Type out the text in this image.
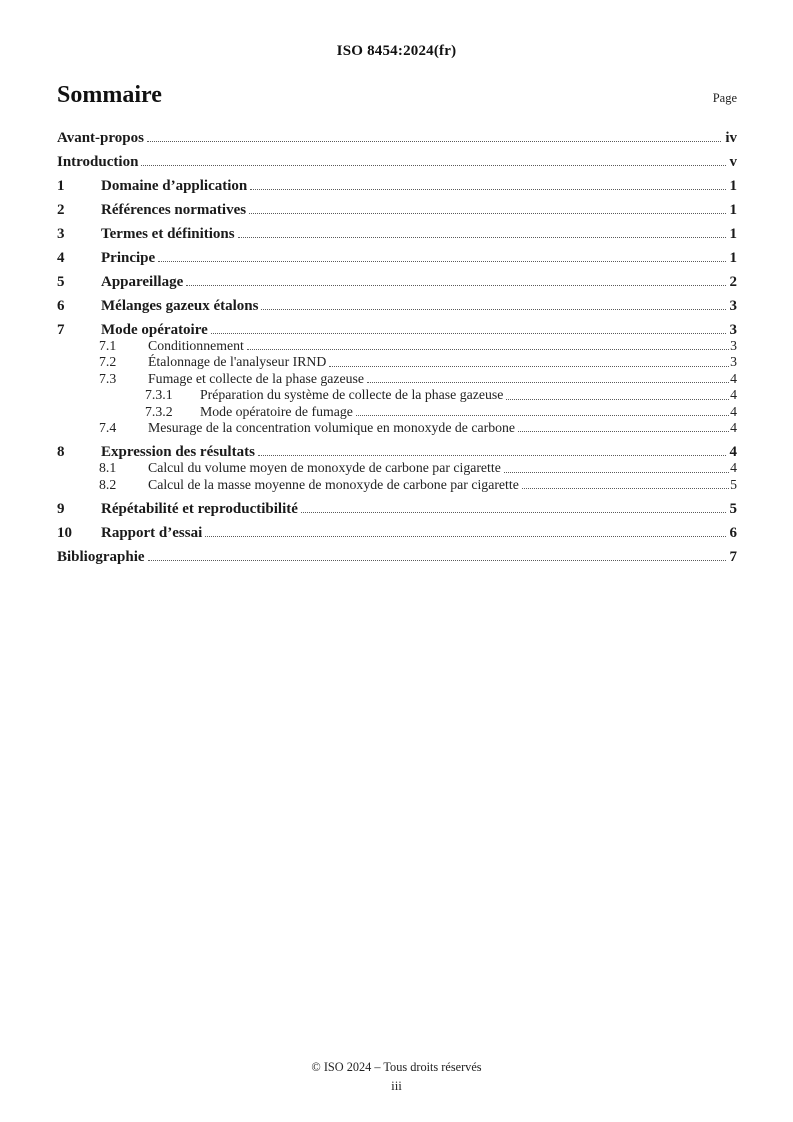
ISO 8454:2024(fr)
Sommaire	Page
Avant-propos	iv
Introduction	v
1	Domaine d’application	1
2	Références normatives	1
3	Termes et définitions	1
4	Principe	1
5	Appareillage	2
6	Mélanges gazeux étalons	3
7	Mode opératoire	3
7.1	Conditionnement	3
7.2	Étalonnage de l'analyseur IRND	3
7.3	Fumage et collecte de la phase gazeuse	4
7.3.1	Préparation du système de collecte de la phase gazeuse	4
7.3.2	Mode opératoire de fumage	4
7.4	Mesurage de la concentration volumique en monoxyde de carbone	4
8	Expression des résultats	4
8.1	Calcul du volume moyen de monoxyde de carbone par cigarette	4
8.2	Calcul de la masse moyenne de monoxyde de carbone par cigarette	5
9	Répétabilité et reproductibilité	5
10	Rapport d’essai	6
Bibliographie	7
© ISO 2024 – Tous droits réservés
iii
